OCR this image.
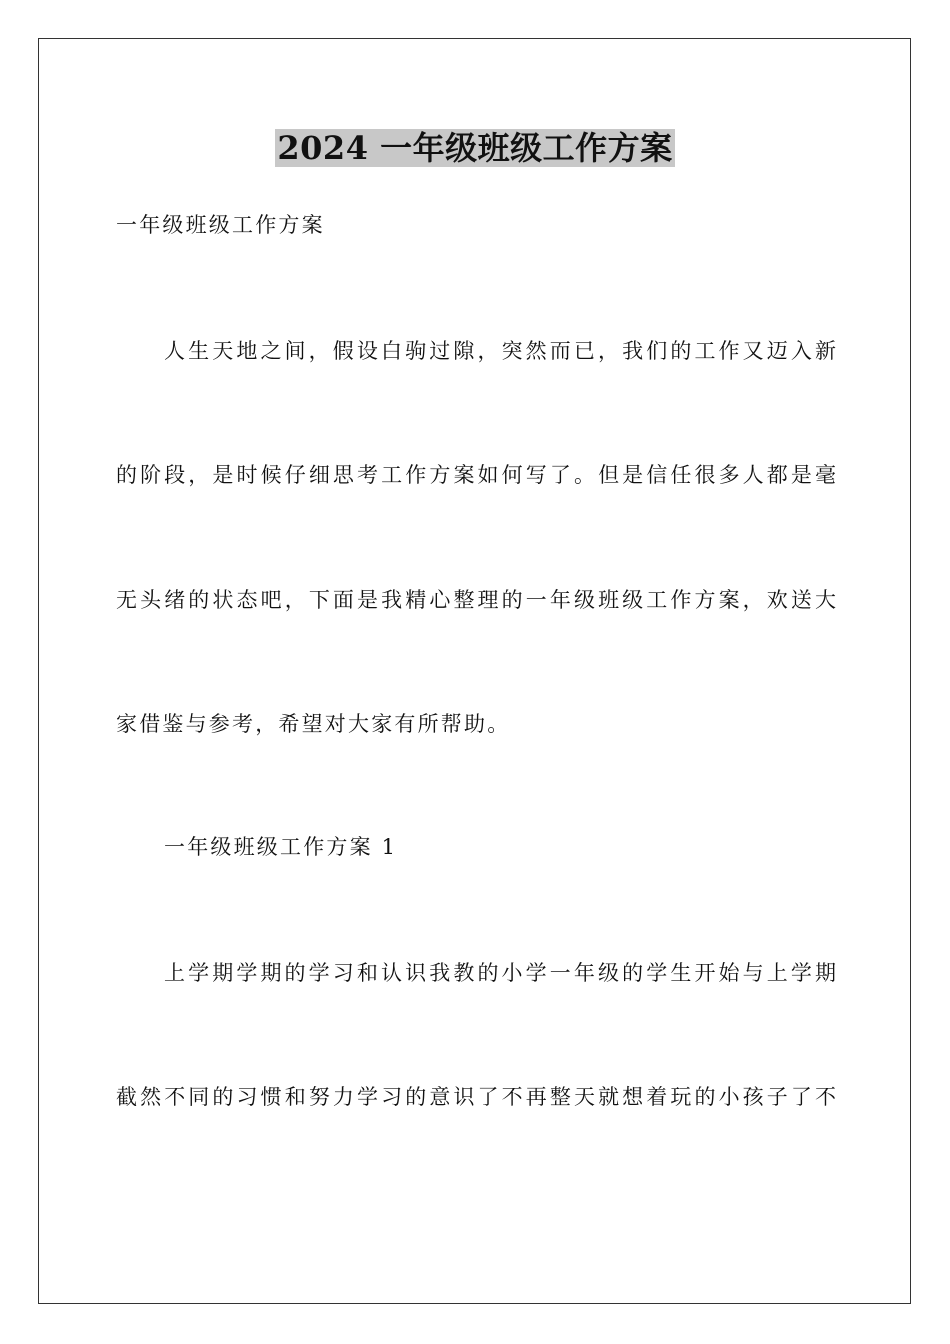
2024 一年级班级工作方案
一年级班级工作方案
人生天地之间，假设白驹过隙，突然而已，我们的工作又迈入新
的阶段，是时候仔细思考工作方案如何写了。但是信任很多人都是毫
无头绪的状态吧，下面是我精心整理的一年级班级工作方案，欢送大
家借鉴与参考，希望对大家有所帮助。
一年级班级工作方案 1
上学期学期的学习和认识我教的小学一年级的学生开始与上学期
截然不同的习惯和努力学习的意识了不再整天就想着玩的小孩子了不
